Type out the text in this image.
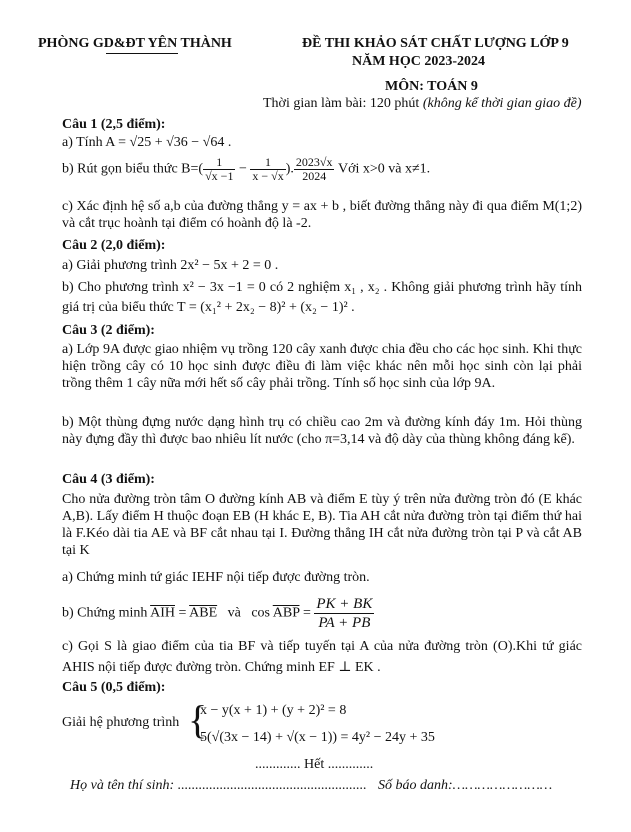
PHÒNG GD&ĐT YÊN THÀNH	ĐỀ THI KHẢO SÁT CHẤT LƯỢNG LỚP 9
NĂM HỌC 2023-2024
MÔN: TOÁN 9
Thời gian làm bài: 120 phút (không kể thời gian giao đề)
Câu 1 (2,5 điểm):
a) Tính A = √25 + √36 − √64 .
b) Rút gọn biểu thức $B=( \frac{1}{√x -1} - \frac{1}{x - √x}$ ). $\frac{2023√x}{2024}$ Với x>0 và x≠1.
c) Xác định hệ số a,b của đường thẳng y = ax + b , biết đường thẳng này đi qua điểm M(1;2) và cắt trục hoành tại điểm có hoành độ là -2.
Câu 2 (2,0 điểm):
a) Giải phương trình 2x² − 5x + 2 = 0 .
b) Cho phương trình x² − 3x −1 = 0 có 2 nghiệm x₁ , x₂ . Không giải phương trình hãy tính giá trị của biểu thức T = (x₁² + 2x₂ − 8)² + (x₂ − 1)² .
Câu 3 (2 điểm):
a) Lớp 9A được giao nhiệm vụ trồng 120 cây xanh được chia đều cho các học sinh. Khi thực hiện trồng cây có 10 học sinh được điều đi làm việc khác nên mỗi học sinh còn lại phải trồng thêm 1 cây nữa mới hết số cây phải trồng. Tính số học sinh của lớp 9A.
b) Một thùng đựng nước dạng hình trụ có chiều cao 2m và đường kính đáy 1m. Hỏi thùng này đựng đầy thì được bao nhiêu lít nước (cho π=3,14 và độ dày của thùng không đáng kể).
Câu 4 (3 điểm):
Cho nửa đường tròn tâm O đường kính AB và điểm E tùy ý trên nửa đường tròn đó (E khác A,B). Lấy điểm H thuộc đoạn EB (H khác E, B). Tia AH cắt nửa đường tròn tại điểm thứ hai là F.Kéo dài tia AE và BF cắt nhau tại I. Đường thẳng IH cắt nửa đường tròn tại P và cắt AB tại K
a) Chứng minh tứ giác IEHF nội tiếp được đường tròn.
b) Chứng minh $\overline{AIH} = \overline{ABE}$ và $\cos \overline{ABP} = \frac{PK + BK}{PA + PB}$
c) Gọi S là giao điểm của tia BF và tiếp tuyến tại A của nửa đường tròn (O).Khi tứ giác AHIS nội tiếp được đường tròn. Chứng minh EF ⊥ EK .
Câu 5 (0,5 điểm):
Giải hệ phương trình {
x − y(x + 1) + (y + 2)² = 8
5(√(3x − 14) + √(x − 1)) = 4y² − 24y + 35
............. Hết .............
Họ và tên thí sinh: ...................................................... Số báo danh:……………………
